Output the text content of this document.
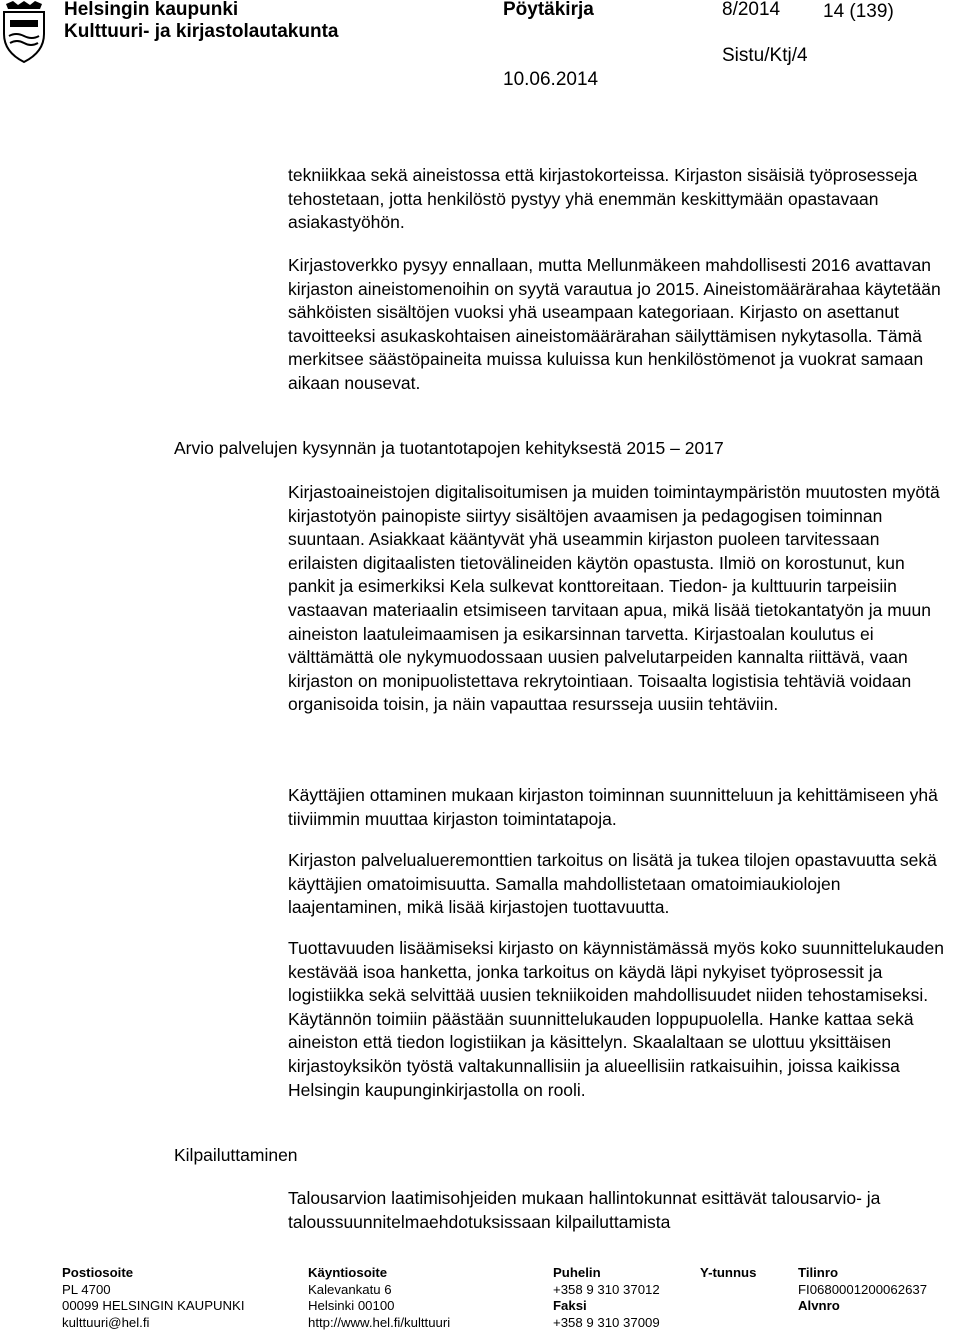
Helsingin kaupunki
Kulttuuri- ja kirjastolautakunta
Pöytäkirja	8/2014 14 (139)
Sistu/Ktj/4
10.06.2014

tekniikkaa sekä aineistossa että kirjastokorteissa. Kirjaston sisäisiä työprosesseja tehostetaan, jotta henkilöstö pystyy yhä enemmän keskittymään opastavaan asiakastyöhön.

Kirjastoverkko pysyy ennallaan, mutta Mellunmäkeen mahdollisesti 2016 avattavan kirjaston aineistomenoihin on syytä varautua jo 2015. Aineistomäärärahaa käytetään sähköisten sisältöjen vuoksi yhä useampaan kategoriaan. Kirjasto on asettanut tavoitteeksi asukaskohtaisen aineistomäärärahan säilyttämisen nykytasolla. Tämä merkitsee säästöpaineita muissa kuluissa kun henkilöstömenot ja vuokrat samaan aikaan nousevat.

Arvio palvelujen kysynnän ja tuotantotapojen kehityksestä 2015 – 2017

Kirjastoaineistojen digitalisoitumisen ja muiden toimintaympäristön muutosten myötä kirjastotyön painopiste siirtyy sisältöjen avaamisen ja pedagogisen toiminnan suuntaan. Asiakkaat kääntyvät yhä useammin kirjaston puoleen tarvitessaan erilaisten digitaalisten tietovälineiden käytön opastusta. Ilmiö on korostunut, kun pankit ja esimerkiksi Kela sulkevat konttoreitaan. Tiedon- ja kulttuurin tarpeisiin vastaavan materiaalin etsimiseen tarvitaan apua, mikä lisää tietokantatyön ja muun aineiston laatuleimaamisen ja esikarsinnan tarvetta. Kirjastoalan koulutus ei välttämättä ole nykymuodossaan uusien palvelutarpeiden kannalta riittävä, vaan kirjaston on monipuolistettava rekrytointiaan. Toisaalta logistisia tehtäviä voidaan organisoida toisin, ja näin vapauttaa resursseja uusiin tehtäviin.

Käyttäjien ottaminen mukaan kirjaston toiminnan suunnitteluun ja kehittämiseen yhä tiiviimmin muuttaa kirjaston toimintatapoja.

Kirjaston palvelualueremonttien tarkoitus on lisätä ja tukea tilojen opastavuutta sekä käyttäjien omatoimisuutta. Samalla mahdollistetaan omatoimiaukiolojen laajentaminen, mikä lisää kirjastojen tuottavuutta.

Tuottavuuden lisäämiseksi kirjasto on käynnistämässä myös koko suunnittelukauden kestävää isoa hanketta, jonka tarkoitus on käydä läpi nykyiset työprosessit ja logistiikka sekä selvittää uusien tekniikoiden mahdollisuudet niiden tehostamiseksi. Käytännön toimiin päästään suunnittelukauden loppupuolella. Hanke kattaa sekä aineiston että tiedon logistiikan ja käsittelyn. Skaalaltaan se ulottuu yksittäisen kirjastoyksikön työstä valtakunnallisiin ja alueellisiin ratkaisuihin, joissa kaikissa Helsingin kaupunginkirjastolla on rooli.

Kilpailuttaminen

Talousarvion laatimisohjeiden mukaan hallintokunnat esittävät talousarvio- ja taloussuunnitelmaehdotuksissaan kilpailuttamista

Postiosoite
PL 4700
00099 HELSINGIN KAUPUNKI
kulttuuri@hel.fi
Käyntiosoite
Kalevankatu 6
Helsinki 00100
http://www.hel.fi/kulttuuri
Puhelin
+358 9 310 37012
Faksi
+358 9 310 37009
Y-tunnus	Tilinro
FI0680001200062637
Alvnro
